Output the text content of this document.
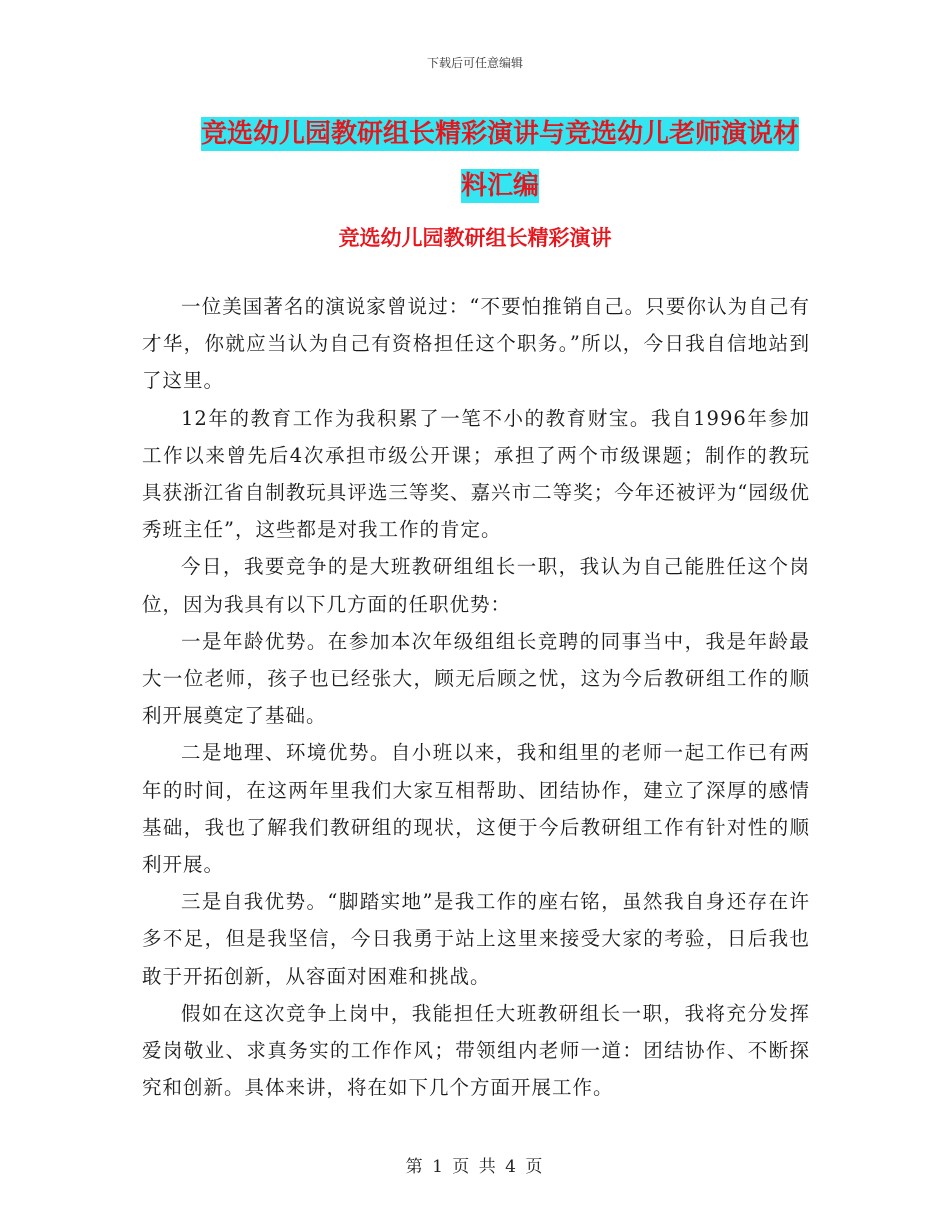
下载后可任意编辑
竞选幼儿园教研组长精彩演讲与竞选幼儿老师演说材料汇编
竞选幼儿园教研组长精彩演讲

一位美国著名的演说家曾说过：“不要怕推销自己。只要你认为自己有才华，你就应当认为自己有资格担任这个职务。”所以，今日我自信地站到了这里。

12年的教育工作为我积累了一笔不小的教育财宝。我自1996年参加工作以来曾先后4次承担市级公开课；承担了两个市级课题；制作的教玩具获浙江省自制教玩具评选三等奖、嘉兴市二等奖；今年还被评为“园级优秀班主任”，这些都是对我工作的肯定。

今日，我要竞争的是大班教研组组长一职，我认为自己能胜任这个岗位，因为我具有以下几方面的任职优势：

一是年龄优势。在参加本次年级组组长竞聘的同事当中，我是年龄最大一位老师，孩子也已经张大，顾无后顾之忧，这为今后教研组工作的顺利开展奠定了基础。

二是地理、环境优势。自小班以来，我和组里的老师一起工作已有两年的时间，在这两年里我们大家互相帮助、团结协作，建立了深厚的感情基础，我也了解我们教研组的现状，这便于今后教研组工作有针对性的顺利开展。

三是自我优势。“脚踏实地”是我工作的座右铭，虽然我自身还存在许多不足，但是我坚信，今日我勇于站上这里来接受大家的考验，日后我也敢于开拓创新，从容面对困难和挑战。

假如在这次竞争上岗中，我能担任大班教研组长一职，我将充分发挥爱岗敬业、求真务实的工作作风；带领组内老师一道：团结协作、不断探究和创新。具体来讲，将在如下几个方面开展工作。

第 1 页 共 4 页
